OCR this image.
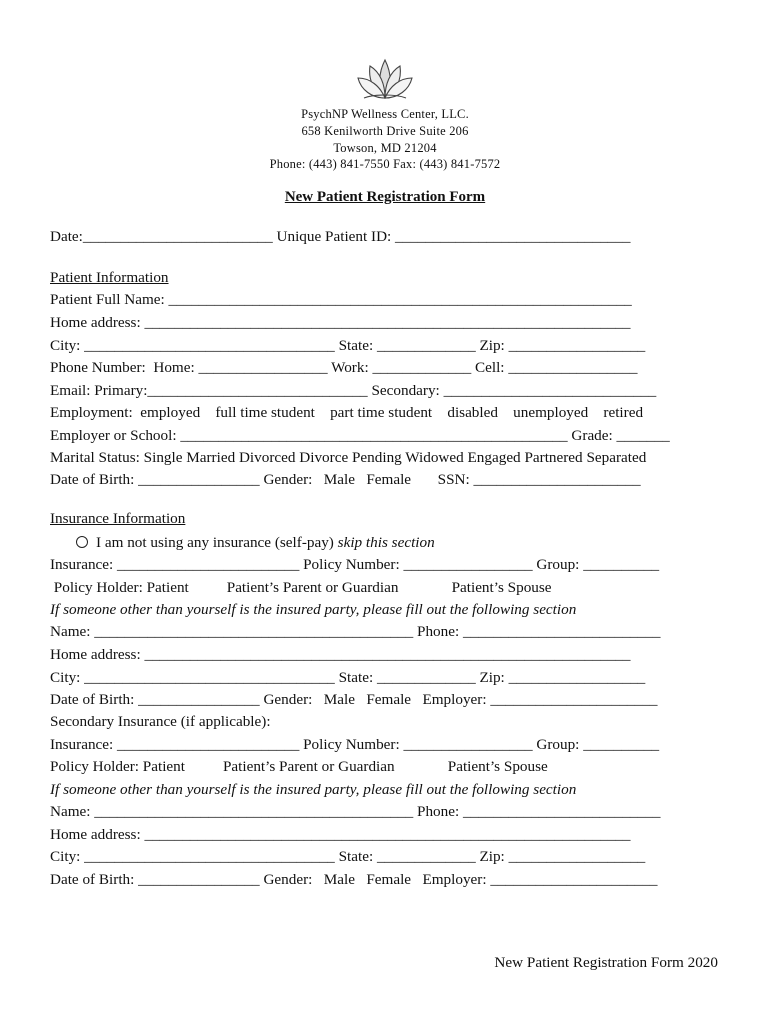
PsychNP Wellness Center, LLC.
658 Kenilworth Drive Suite 206
Towson, MD 21204
Phone: (443) 841-7550 Fax: (443) 841-7572
New Patient Registration Form
Date:_________________________ Unique Patient ID: _______________________________
Patient Information
Patient Full Name: _____________________________________________________________
Home address: ________________________________________________________________
City: _________________________________ State: _____________ Zip: __________________
Phone Number:  Home: _________________ Work: _____________ Cell: _________________
Email: Primary:_____________________________ Secondary: ____________________________
Employment:  employed    full time student    part time student    disabled    unemployed    retired
Employer or School: ___________________________________________________ Grade: _______
Marital Status: Single Married Divorced Divorce Pending Widowed Engaged Partnered Separated
Date of Birth: ________________ Gender:   Male   Female       SSN: ______________________
Insurance Information
I am not using any insurance (self-pay) skip this section
Insurance: ________________________ Policy Number: _________________ Group: __________
Policy Holder: Patient          Patient’s Parent or Guardian              Patient’s Spouse
If someone other than yourself is the insured party, please fill out the following section
Name: __________________________________________ Phone: __________________________
Home address: ________________________________________________________________
City: _________________________________ State: _____________ Zip: __________________
Date of Birth: ________________ Gender:   Male   Female   Employer: ______________________
Secondary Insurance (if applicable):
Insurance: ________________________ Policy Number: _________________ Group: __________
Policy Holder: Patient          Patient’s Parent or Guardian              Patient’s Spouse
If someone other than yourself is the insured party, please fill out the following section
Name: __________________________________________ Phone: __________________________
Home address: ________________________________________________________________
City: _________________________________ State: _____________ Zip: __________________
Date of Birth: ________________ Gender:   Male   Female   Employer: ______________________
New Patient Registration Form 2020
